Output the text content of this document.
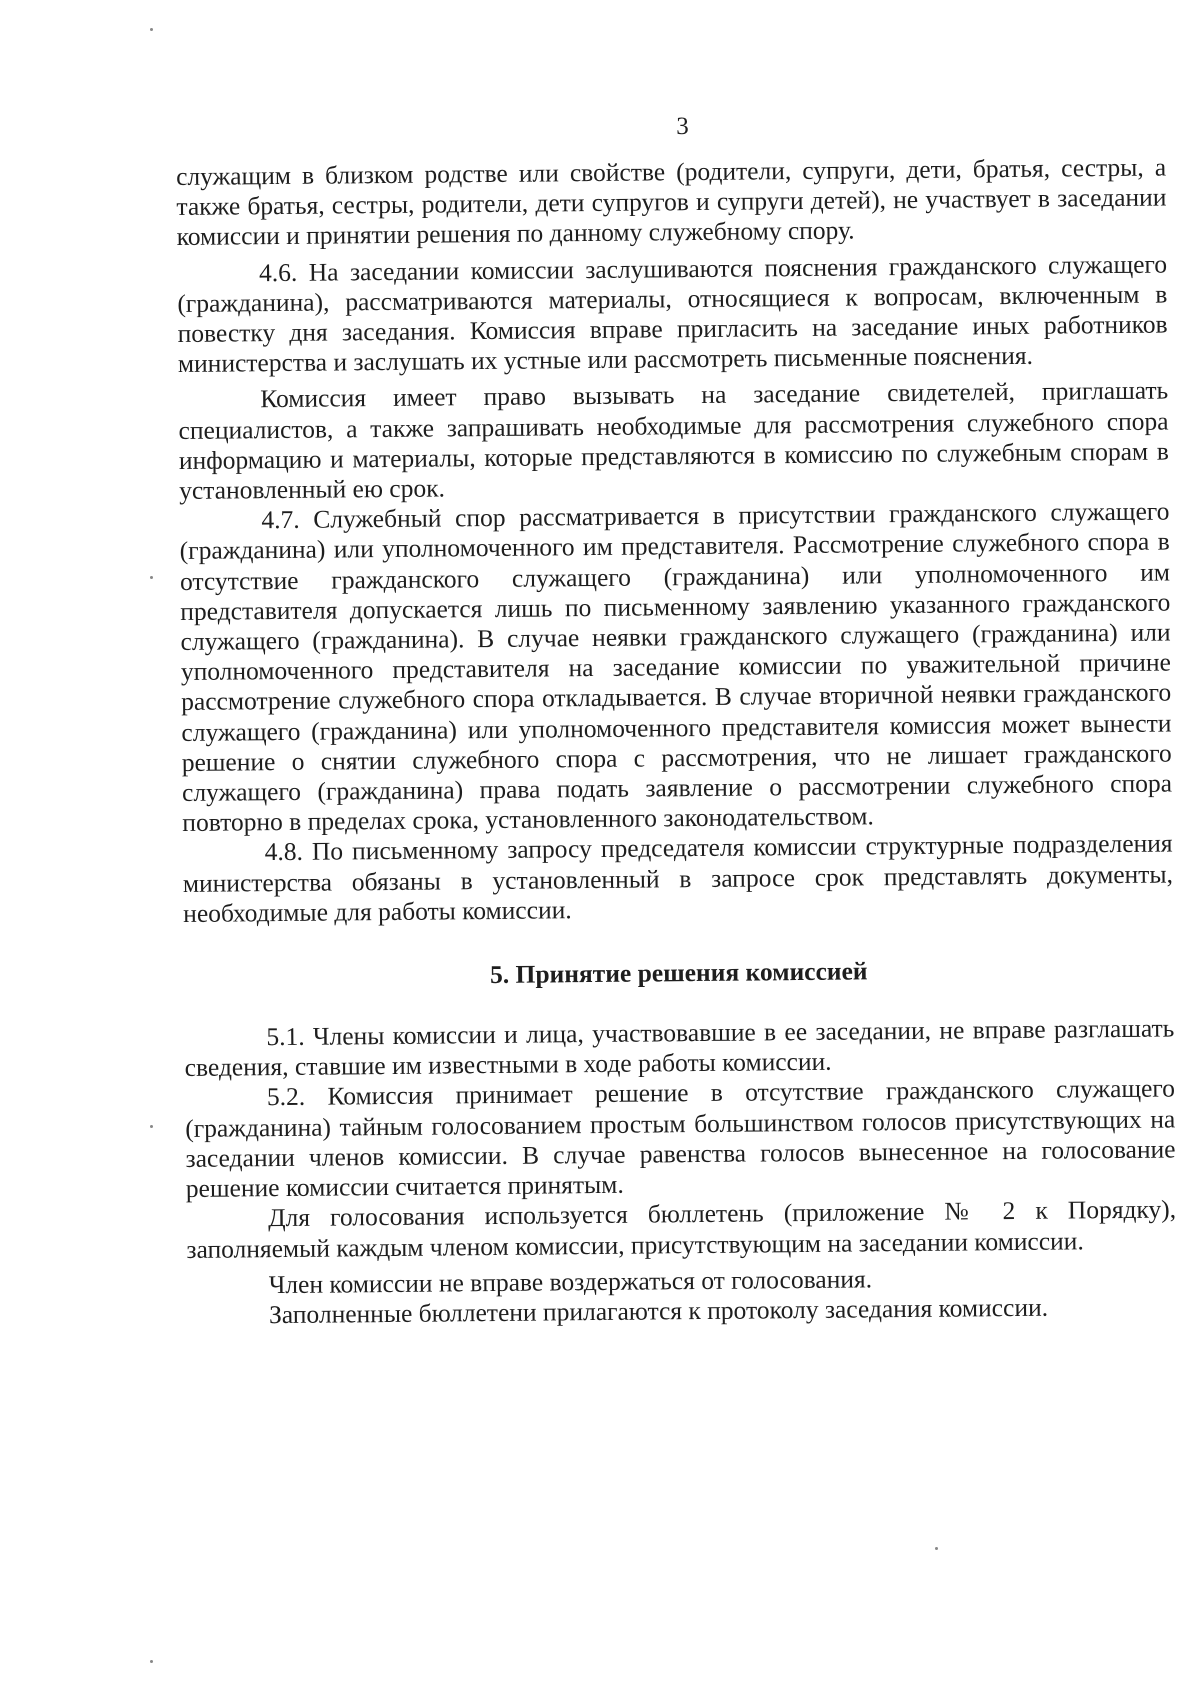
3

служащим в близком родстве или свойстве (родители, супруги, дети, братья, сестры, а также братья, сестры, родители, дети супругов и супруги детей), не участвует в заседании комиссии и принятии решения по данному служебному спору.

4.6. На заседании комиссии заслушиваются пояснения гражданского служащего (гражданина), рассматриваются материалы, относящиеся к вопросам, включенным в повестку дня заседания. Комиссия вправе пригласить на заседание иных работников министерства и заслушать их устные или рассмотреть письменные пояснения.

Комиссия имеет право вызывать на заседание свидетелей, приглашать специалистов, а также запрашивать необходимые для рассмотрения служебного спора информацию и материалы, которые представляются в комиссию по служебным спорам в установленный ею срок.

4.7. Служебный спор рассматривается в присутствии гражданского служащего (гражданина) или уполномоченного им представителя. Рассмотрение служебного спора в отсутствие гражданского служащего (гражданина) или уполномоченного им представителя допускается лишь по письменному заявлению указанного гражданского служащего (гражданина). В случае неявки гражданского служащего (гражданина) или уполномоченного представителя на заседание комиссии по уважительной причине рассмотрение служебного спора откладывается. В случае вторичной неявки гражданского служащего (гражданина) или уполномоченного представителя комиссия может вынести решение о снятии служебного спора с рассмотрения, что не лишает гражданского служащего (гражданина) права подать заявление о рассмотрении служебного спора повторно в пределах срока, установленного законодательством.

4.8. По письменному запросу председателя комиссии структурные подразделения министерства обязаны в установленный в запросе срок представлять документы, необходимые для работы комиссии.

5. Принятие решения комиссией

5.1. Члены комиссии и лица, участвовавшие в ее заседании, не вправе разглашать сведения, ставшие им известными в ходе работы комиссии.

5.2. Комиссия принимает решение в отсутствие гражданского служащего (гражданина) тайным голосованием простым большинством голосов присутствующих на заседании членов комиссии. В случае равенства голосов вынесенное на голосование решение комиссии считается принятым.

Для голосования используется бюллетень (приложение № 2 к Порядку), заполняемый каждым членом комиссии, присутствующим на заседании комиссии.

Член комиссии не вправе воздержаться от голосования.

Заполненные бюллетени прилагаются к протоколу заседания комиссии.
